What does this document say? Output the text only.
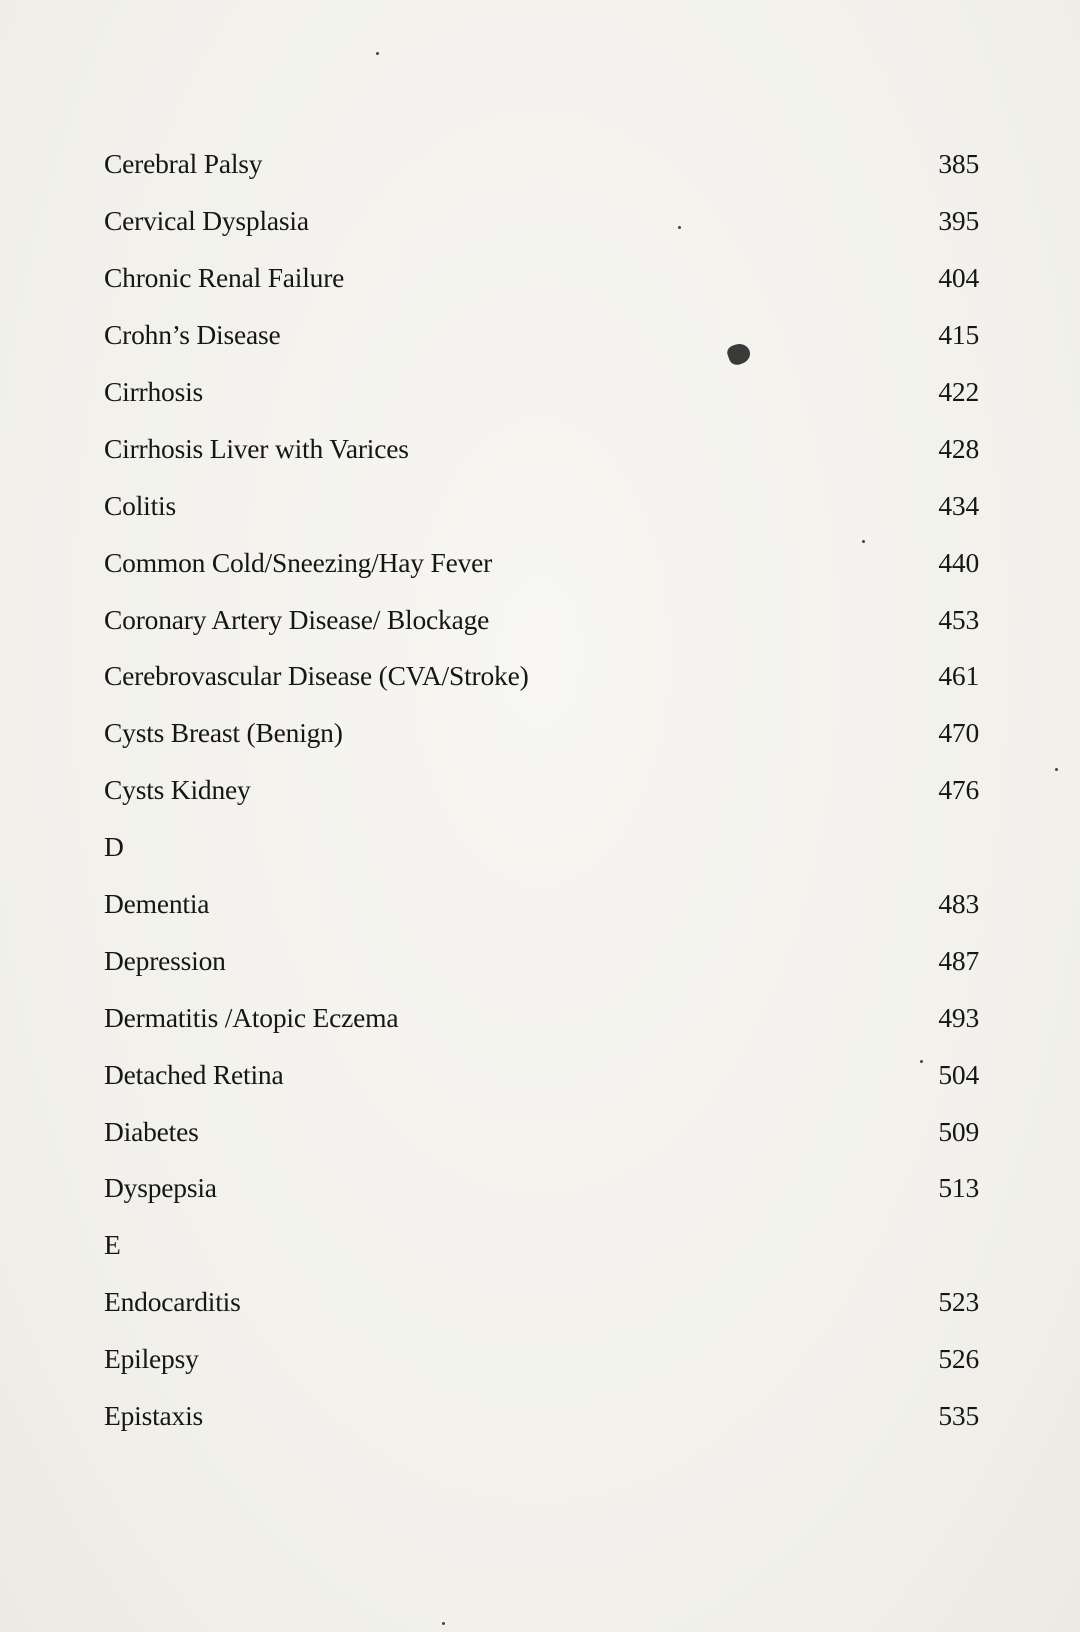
Cerebral Palsy	385
Cervical Dysplasia	395
Chronic Renal Failure	404
Crohn’s Disease	415
Cirrhosis	422
Cirrhosis Liver with Varices	428
Colitis	434
Common Cold/Sneezing/Hay Fever	440
Coronary Artery Disease/ Blockage	453
Cerebrovascular Disease (CVA/Stroke)	461
Cysts Breast (Benign)	470
Cysts Kidney	476
D
Dementia	483
Depression	487
Dermatitis /Atopic Eczema	493
Detached Retina	504
Diabetes	509
Dyspepsia	513
E
Endocarditis	523
Epilepsy	526
Epistaxis	535
